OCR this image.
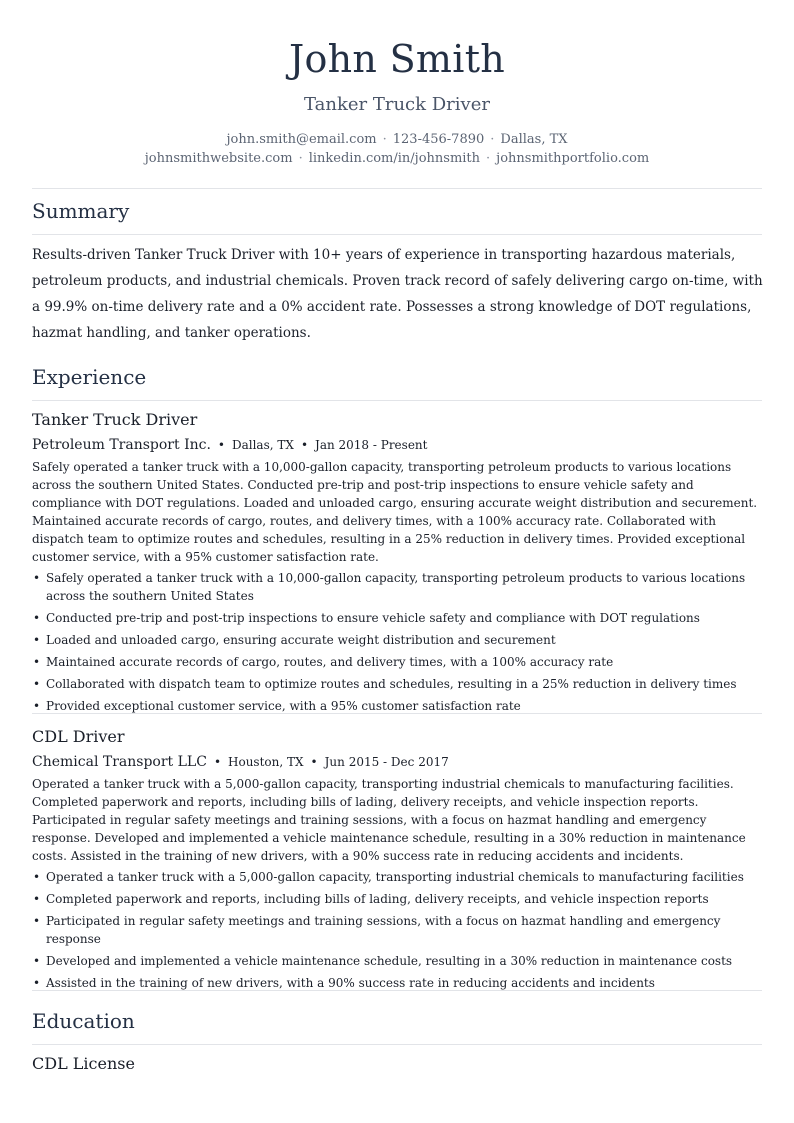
John Smith
Tanker Truck Driver
john.smith@email.com · 123-456-7890 · Dallas, TX
johnsmithwebsite.com · linkedin.com/in/johnsmith · johnsmithportfolio.com
Summary

Results-driven Tanker Truck Driver with 10+ years of experience in transporting hazardous materials, petroleum products, and industrial chemicals. Proven track record of safely delivering cargo on-time, with a 99.9% on-time delivery rate and a 0% accident rate. Possesses a strong knowledge of DOT regulations, hazmat handling, and tanker operations.

Experience
Tanker Truck Driver
Petroleum Transport Inc. • Dallas, TX • Jan 2018 - Present

Safely operated a tanker truck with a 10,000-gallon capacity, transporting petroleum products to various locations across the southern United States. Conducted pre-trip and post-trip inspections to ensure vehicle safety and compliance with DOT regulations. Loaded and unloaded cargo, ensuring accurate weight distribution and securement. Maintained accurate records of cargo, routes, and delivery times, with a 100% accuracy rate. Collaborated with dispatch team to optimize routes and schedules, resulting in a 25% reduction in delivery times. Provided exceptional customer service, with a 95% customer satisfaction rate.

• Safely operated a tanker truck with a 10,000-gallon capacity, transporting petroleum products to various locations across the southern United States
• Conducted pre-trip and post-trip inspections to ensure vehicle safety and compliance with DOT regulations
• Loaded and unloaded cargo, ensuring accurate weight distribution and securement
• Maintained accurate records of cargo, routes, and delivery times, with a 100% accuracy rate
• Collaborated with dispatch team to optimize routes and schedules, resulting in a 25% reduction in delivery times
• Provided exceptional customer service, with a 95% customer satisfaction rate
CDL Driver
Chemical Transport LLC • Houston, TX • Jun 2015 - Dec 2017

Operated a tanker truck with a 5,000-gallon capacity, transporting industrial chemicals to manufacturing facilities. Completed paperwork and reports, including bills of lading, delivery receipts, and vehicle inspection reports. Participated in regular safety meetings and training sessions, with a focus on hazmat handling and emergency response. Developed and implemented a vehicle maintenance schedule, resulting in a 30% reduction in maintenance costs. Assisted in the training of new drivers, with a 90% success rate in reducing accidents and incidents.

• Operated a tanker truck with a 5,000-gallon capacity, transporting industrial chemicals to manufacturing facilities
• Completed paperwork and reports, including bills of lading, delivery receipts, and vehicle inspection reports
• Participated in regular safety meetings and training sessions, with a focus on hazmat handling and emergency response
• Developed and implemented a vehicle maintenance schedule, resulting in a 30% reduction in maintenance costs
• Assisted in the training of new drivers, with a 90% success rate in reducing accidents and incidents
Education
CDL License
